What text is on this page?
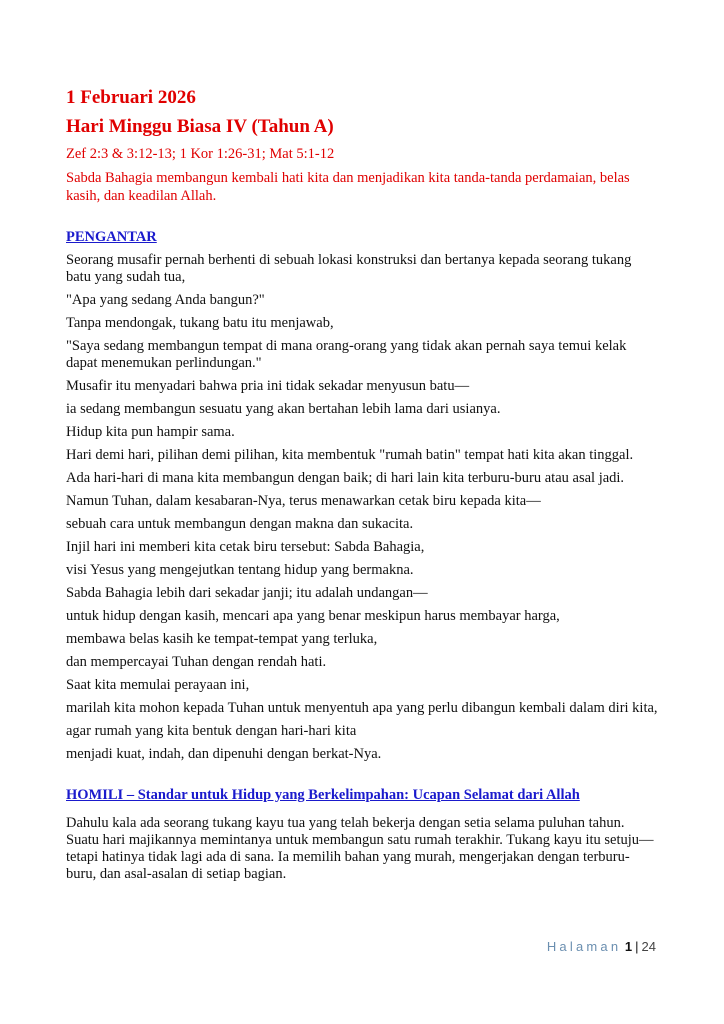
1 Februari 2026

Hari Minggu Biasa IV (Tahun A)

Zef 2:3 & 3:12-13; 1 Kor 1:26-31; Mat 5:1-12

Sabda Bahagia membangun kembali hati kita dan menjadikan kita tanda-tanda perdamaian, belas kasih, dan keadilan Allah.

PENGANTAR

Seorang musafir pernah berhenti di sebuah lokasi konstruksi dan bertanya kepada seorang tukang batu yang sudah tua,

"Apa yang sedang Anda bangun?"

Tanpa mendongak, tukang batu itu menjawab,

"Saya sedang membangun tempat di mana orang-orang yang tidak akan pernah saya temui kelak dapat menemukan perlindungan."

Musafir itu menyadari bahwa pria ini tidak sekadar menyusun batu—

ia sedang membangun sesuatu yang akan bertahan lebih lama dari usianya.

Hidup kita pun hampir sama.

Hari demi hari, pilihan demi pilihan, kita membentuk "rumah batin" tempat hati kita akan tinggal.

Ada hari-hari di mana kita membangun dengan baik; di hari lain kita terburu-buru atau asal jadi.

Namun Tuhan, dalam kesabaran-Nya, terus menawarkan cetak biru kepada kita—

sebuah cara untuk membangun dengan makna dan sukacita.

Injil hari ini memberi kita cetak biru tersebut: Sabda Bahagia,

visi Yesus yang mengejutkan tentang hidup yang bermakna.

Sabda Bahagia lebih dari sekadar janji; itu adalah undangan—

untuk hidup dengan kasih, mencari apa yang benar meskipun harus membayar harga,

membawa belas kasih ke tempat-tempat yang terluka,

dan mempercayai Tuhan dengan rendah hati.

Saat kita memulai perayaan ini,

marilah kita mohon kepada Tuhan untuk menyentuh apa yang perlu dibangun kembali dalam diri kita,

agar rumah yang kita bentuk dengan hari-hari kita

menjadi kuat, indah, dan dipenuhi dengan berkat-Nya.

HOMILI – Standar untuk Hidup yang Berkelimpahan: Ucapan Selamat dari Allah

Dahulu kala ada seorang tukang kayu tua yang telah bekerja dengan setia selama puluhan tahun. Suatu hari majikannya memintanya untuk membangun satu rumah terakhir. Tukang kayu itu setuju—tetapi hatinya tidak lagi ada di sana. Ia memilih bahan yang murah, mengerjakan dengan terburu-buru, dan asal-asalan di setiap bagian.

Halaman 1 | 24
